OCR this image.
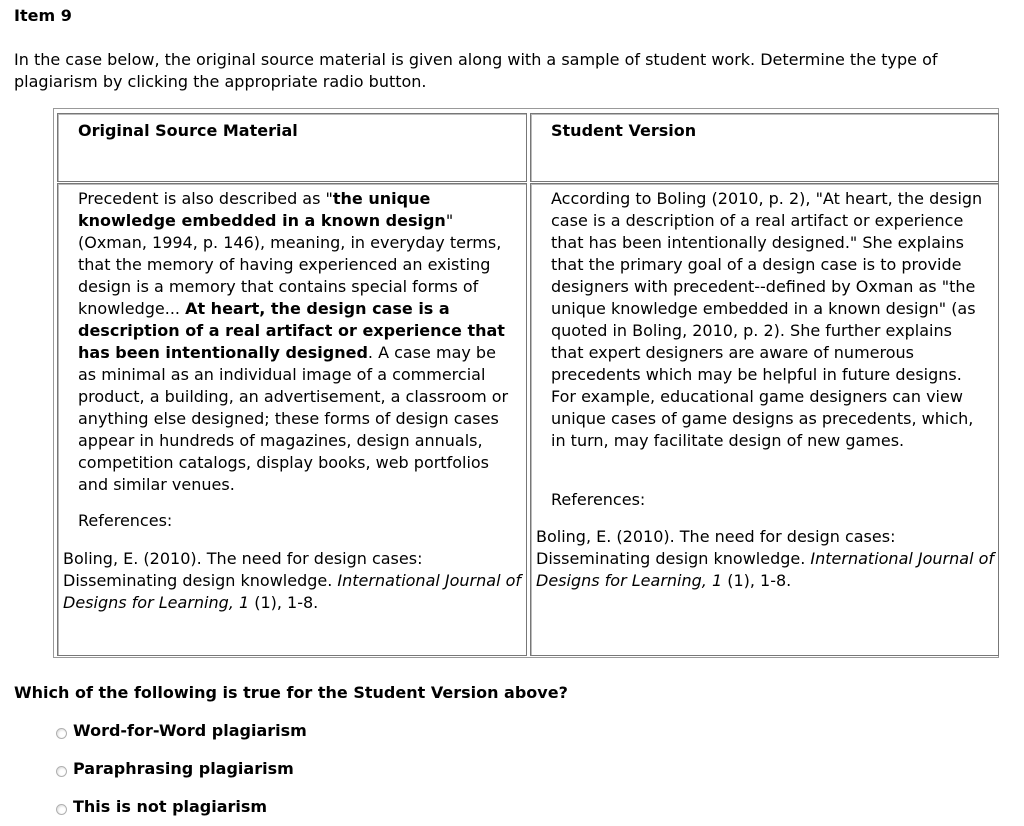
Item 9
In the case below, the original source material is given along with a sample of student work. Determine the type of plagiarism by clicking the appropriate radio button.
Original Source Material	Student Version
Precedent is also described as "the unique knowledge embedded in a known design" (Oxman, 1994, p. 146), meaning, in everyday terms, that the memory of having experienced an existing design is a memory that contains special forms of knowledge... At heart, the design case is a description of a real artifact or experience that has been intentionally designed. A case may be as minimal as an individual image of a commercial product, a building, an advertisement, a classroom or anything else designed; these forms of design cases appear in hundreds of magazines, design annuals, competition catalogs, display books, web portfolios and similar venues.
References:
Boling, E. (2010). The need for design cases: Disseminating design knowledge. International Journal of Designs for Learning, 1 (1), 1-8.
According to Boling (2010, p. 2), "At heart, the design case is a description of a real artifact or experience that has been intentionally designed." She explains that the primary goal of a design case is to provide designers with precedent--defined by Oxman as "the unique knowledge embedded in a known design" (as quoted in Boling, 2010, p. 2). She further explains that expert designers are aware of numerous precedents which may be helpful in future designs. For example, educational game designers can view unique cases of game designs as precedents, which, in turn, may facilitate design of new games.
References:
Boling, E. (2010). The need for design cases: Disseminating design knowledge. International Journal of Designs for Learning, 1 (1), 1-8.
Which of the following is true for the Student Version above?
Word-for-Word plagiarism
Paraphrasing plagiarism
This is not plagiarism
